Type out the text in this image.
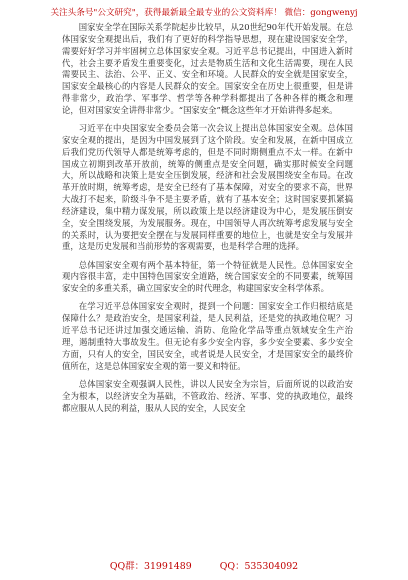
关注头条号"公文研究"，获得最新最全最专业的公文资料库！ 微信：gongwenyj

国家安全学在国际关系学院起步比较早，从20世纪90年代开始发展。在总体国家安全观提出后，我们有了更好的科学指导思想，现在建设国家安全学，需要好好学习并牢固树立总体国家安全观。习近平总书记提出，中国进入新时代，社会主要矛盾发生重要变化，过去是物质生活和文化生活需要，现在人民需要民主、法治、公平、正义、安全和环境。人民群众的安全就是国家安全，国家安全最核心的内容是人民群众的安全。国家安全在历史上很重要，但是讲得非常少，政治学、军事学、哲学等各种学科都提出了各种各样的概念和理论，但对国家安全讲得非常少。“国家安全”概念这些年才开始讲得多起来。

习近平在中央国家安全委员会第一次会议上提出总体国家安全观。总体国家安全观的提出，是因为中国发展到了这个阶段。安全和发展，在新中国成立后我们党历代领导人都是统筹考虑的，但是不同时期侧重点不太一样。在新中国成立初期到改革开放前，统筹的侧重点是安全问题，确实那时候安全问题大，所以战略和决策上是安全压倒发展，经济和社会发展围绕安全布局。在改革开放时期，统筹考虑，是安全已经有了基本保障，对安全的要求不高，世界大战打不起来，阶级斗争不是主要矛盾，就有了基本安全；这时国家要抓紧搞经济建设，集中精力谋发展，所以政策上是以经济建设为中心，是发展压倒安全，安全围绕发展，为发展服务。现在，中国领导人再次统筹考虑发展与安全的关系时，认为要把安全摆在与发展同样重要的地位上，也就是安全与发展并重，这是历史发展和当前形势的客观需要，也是科学合理的选择。

总体国家安全观有两个基本特征，第一个特征就是人民性。总体国家安全观内容很丰富，走中国特色国家安全道路，统合国家安全的不同要素，统筹国家安全的多重关系，确立国家安全的时代理念，构建国家安全科学体系。

在学习近平总体国家安全观时，提到一个问题：国家安全工作归根结底是保障什么？是政治安全，是国家利益，是人民利益，还是党的执政地位呢？习近平总书记还讲过加强交通运输、消防、危险化学品等重点领域安全生产治理，遏制重特大事故发生。但无论有多少安全内容，多少安全要素、多少安全方面，只有人的安全，国民安全，或者说是人民安全，才是国家安全的最终价值所在，这是总体国家安全观的第一要义和特征。

总体国家安全观强调人民性，讲以人民安全为宗旨，后面所说的以政治安全为根本，以经济安全为基础，不管政治、经济、军事、党的执政地位，最终都应服从人民的利益，服从人民的安全，人民安全

QQ群：31991489	QQ：535304092
